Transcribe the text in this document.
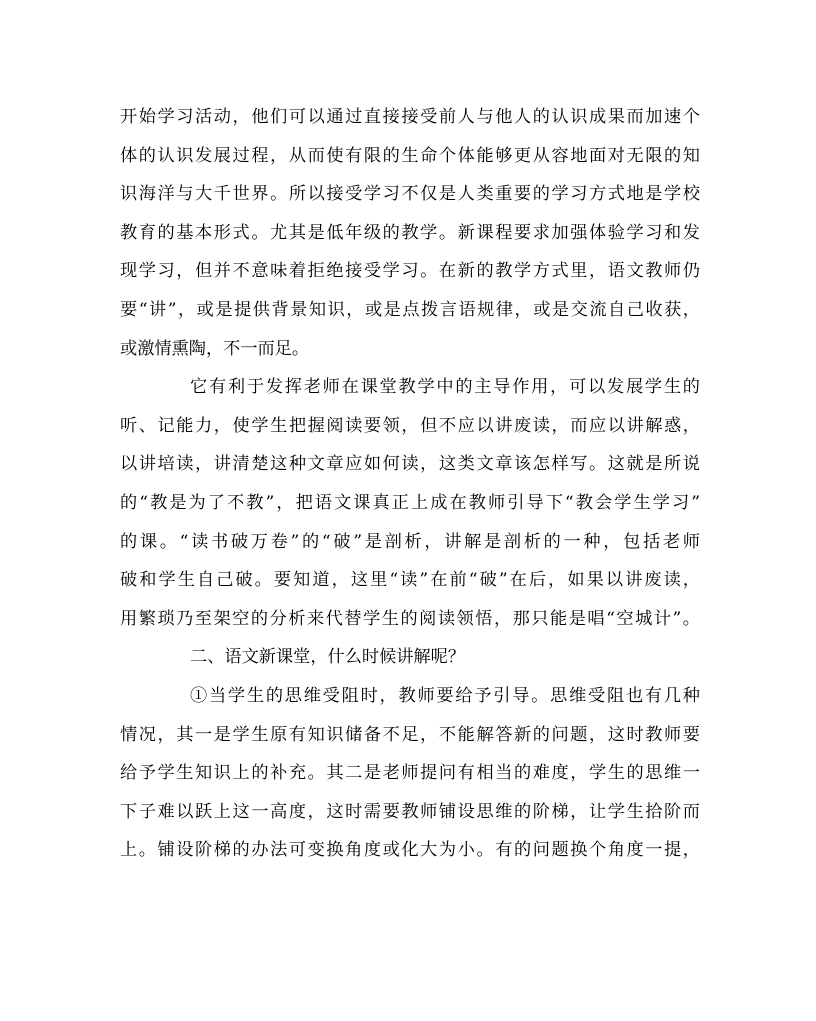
开始学习活动，他们可以通过直接接受前人与他人的认识成果而加速个
体的认识发展过程，从而使有限的生命个体能够更从容地面对无限的知
识海洋与大千世界。所以接受学习不仅是人类重要的学习方式地是学校
教育的基本形式。尤其是低年级的教学。新课程要求加强体验学习和发
现学习，但并不意味着拒绝接受学习。在新的教学方式里，语文教师仍
要“讲”，或是提供背景知识，或是点拨言语规律，或是交流自己收获，
或激情熏陶，不一而足。
它有利于发挥老师在课堂教学中的主导作用，可以发展学生的
听、记能力，使学生把握阅读要领，但不应以讲废读，而应以讲解惑，
以讲培读，讲清楚这种文章应如何读，这类文章该怎样写。这就是所说
的“教是为了不教”，把语文课真正上成在教师引导下“教会学生学习”
的课。“读书破万卷”的“破”是剖析，讲解是剖析的一种，包括老师
破和学生自己破。要知道，这里“读”在前“破”在后，如果以讲废读，
用繁琐乃至架空的分析来代替学生的阅读领悟，那只能是唱“空城计”。
二、语文新课堂，什么时候讲解呢？
①当学生的思维受阻时，教师要给予引导。思维受阻也有几种
情况，其一是学生原有知识储备不足，不能解答新的问题，这时教师要
给予学生知识上的补充。其二是老师提问有相当的难度，学生的思维一
下子难以跃上这一高度，这时需要教师铺设思维的阶梯，让学生拾阶而
上。铺设阶梯的办法可变换角度或化大为小。有的问题换个角度一提，
